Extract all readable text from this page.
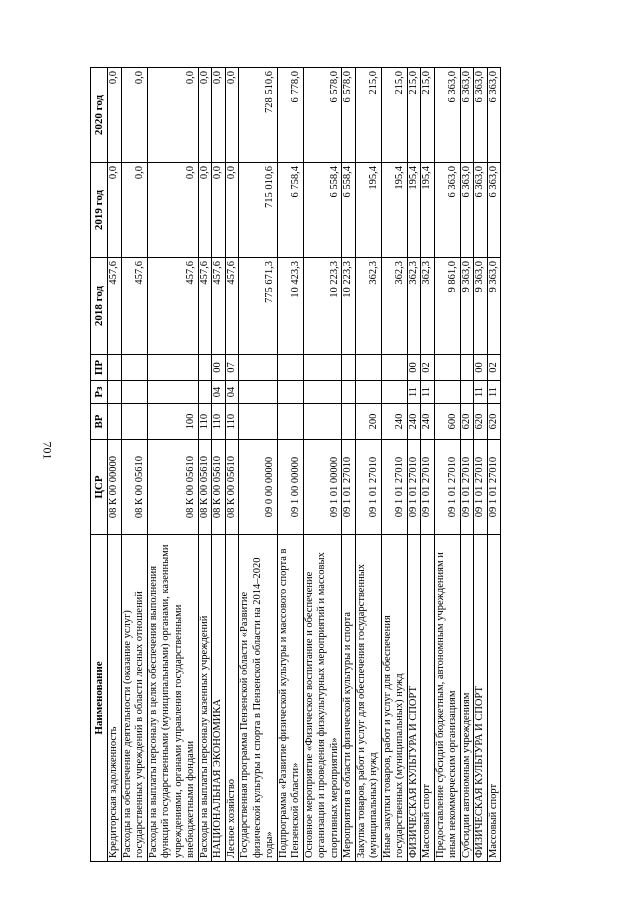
701
Наименование	ЦСР	ВР	Рз	ПР	2018 год	2019 год	2020 год
Кредиторская задолженность	08 К 00 00000				457,6	0,0	0,0
Расходы на обеспечение деятельности (оказание услуг) государственных учреждений в области лесных отношений	08 К 00 05610				457,6	0,0	0,0
Расходы на выплаты персоналу в целях обеспечения выполнения функций государственными (муниципальными) органами, казенными учреждениями, органами управления государственными внебюджетными фондами	08 К 00 05610	100			457,6	0,0	0,0
Расходы на выплаты персоналу казенных учреждений	08 К 00 05610	110			457,6	0,0	0,0
НАЦИОНАЛЬНАЯ ЭКОНОМИКА	08 К 00 05610	110	04	00	457,6	0,0	0,0
Лесное хозяйство	08 К 00 05610	110	04	07	457,6	0,0	0,0
Государственная программа Пензенской области «Развитие физической культуры и спорта в Пензенской области на 2014–2020 годы»	09 0 00 00000				775 671,3	715 010,6	728 510,6
Подпрограмма «Развитие физической культуры и массового спорта в Пензенской области»	09 1 00 00000				10 423,3	6 758,4	6 778,0
Основное мероприятие «Физическое воспитание и обеспечение организации и проведения физкультурных мероприятий и массовых спортивных мероприятий»	09 1 01 00000				10 223,3	6 558,4	6 578,0
Мероприятия в области физической культуры и спорта	09 1 01 27010				10 223,3	6 558,4	6 578,0
Закупка товаров, работ и услуг для обеспечения государственных (муниципальных) нужд	09 1 01 27010	200			362,3	195,4	215,0
Иные закупки товаров, работ и услуг для обеспечения государственных (муниципальных) нужд	09 1 01 27010	240			362,3	195,4	215,0
ФИЗИЧЕСКАЯ КУЛЬТУРА И СПОРТ	09 1 01 27010	240	11	00	362,3	195,4	215,0
Массовый спорт	09 1 01 27010	240	11	02	362,3	195,4	215,0
Предоставление субсидий бюджетным, автономным учреждениям и иным некоммерческим организациям	09 1 01 27010	600			9 861,0	6 363,0	6 363,0
Субсидии автономным учреждениям	09 1 01 27010	620			9 363,0	6 363,0	6 363,0
ФИЗИЧЕСКАЯ КУЛЬТУРА И СПОРТ	09 1 01 27010	620	11	00	9 363,0	6 363,0	6 363,0
Массовый спорт	09 1 01 27010	620	11	02	9 363,0	6 363,0	6 363,0
